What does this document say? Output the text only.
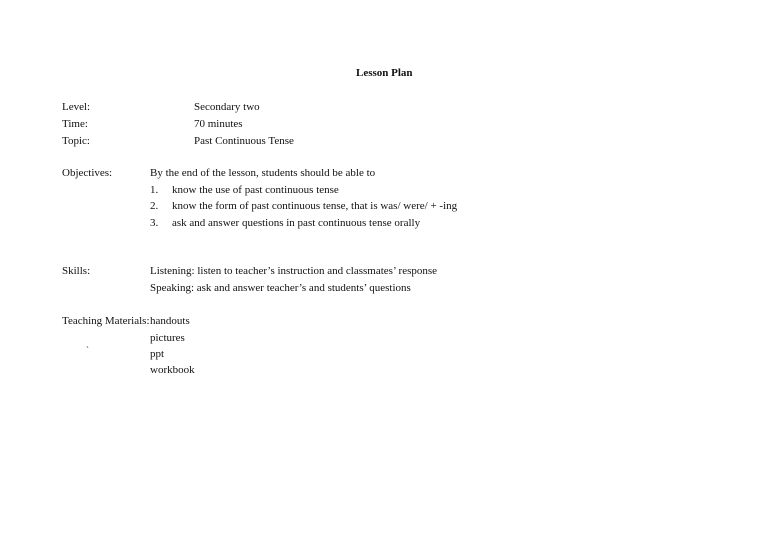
Lesson Plan
Level:	Secondary two
Time:	70 minutes
Topic:	Past Continuous Tense
Objectives:	By the end of the lesson, students should be able to
1. know the use of past continuous tense
2. know the form of past continuous tense, that is was/ were/ + -ing
3. ask and answer questions in past continuous tense orally
Skills:	Listening: listen to teacher’s instruction and classmates’ response
Speaking: ask and answer teacher’s and students’ questions
Teaching Materials: handouts
pictures
ppt
workbook
`
